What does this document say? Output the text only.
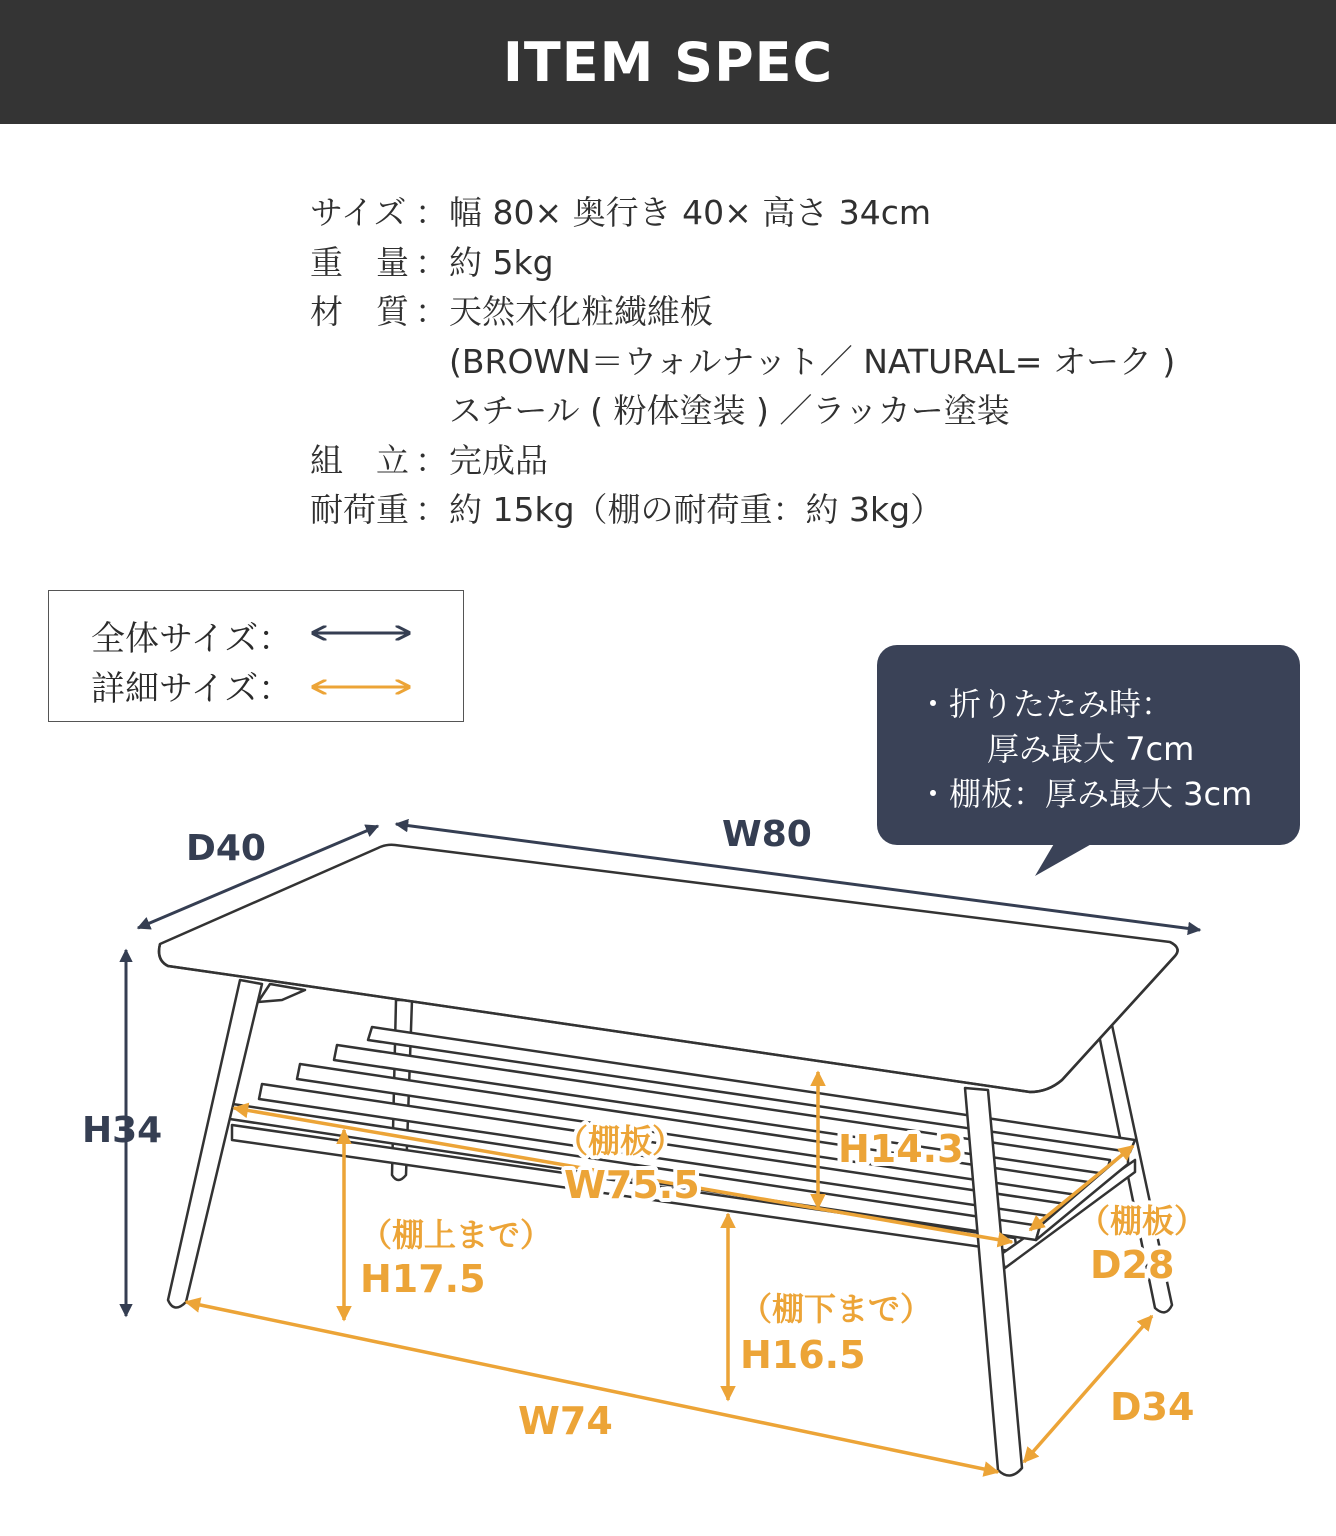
ITEM SPEC
サイズ ： 幅 80× 奥行き 40× 高さ 34cm
重　量 ： 約 5kg
材　質 ： 天然木化粧繊維板
(BROWN＝ウォルナット／ NATURAL= オーク )
スチール ( 粉体塗装 ) ／ラッカー塗装
組　立 ： 完成品
耐荷重 ： 約 15kg（棚の耐荷重：約 3kg）
全体サイズ：
詳細サイズ：	・折りたたみ時：
厚み最大 7cm
・棚板：厚み最大 3cm
D40	W80
H34	（棚板）
W75.5
H14.3
（棚板）
D28
（棚上まで）
H17.5
（棚下まで）
H16.5
W74	D34
